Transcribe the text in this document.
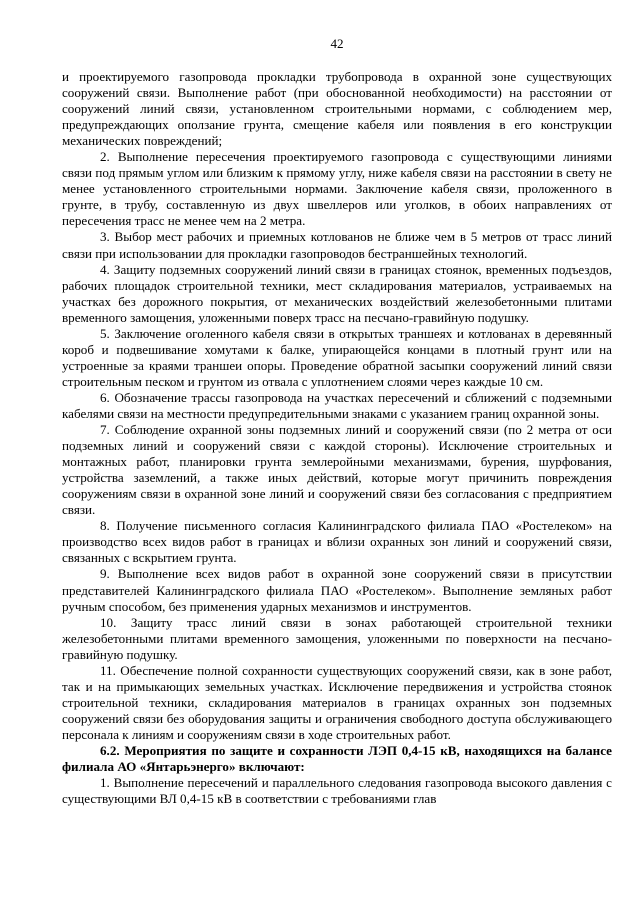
42

и проектируемого газопровода прокладки трубопровода в охранной зоне существующих сооружений связи. Выполнение работ (при обоснованной необходимости) на расстоянии от сооружений линий связи, установленном строительными нормами, с соблюдением мер, предупреждающих оползание грунта, смещение кабеля или появления в его конструкции механических повреждений;

2. Выполнение пересечения проектируемого газопровода с существующими линиями связи под прямым углом или близким к прямому углу, ниже кабеля связи на расстоянии в свету не менее установленного строительными нормами. Заключение кабеля связи, проложенного в грунте, в трубу, составленную из двух швеллеров или уголков, в обоих направлениях от пересечения трасс не менее чем на 2 метра.

3. Выбор мест рабочих и приемных котлованов не ближе чем в 5 метров от трасс линий связи при использовании для прокладки газопроводов бестраншейных технологий.

4. Защиту подземных сооружений линий связи в границах стоянок, временных подъездов, рабочих площадок строительной техники, мест складирования материалов, устраиваемых на участках без дорожного покрытия, от механических воздействий железобетонными плитами временного замощения, уложенными поверх трасс на песчано-гравийную подушку.

5. Заключение оголенного кабеля связи в открытых траншеях и котлованах в деревянный короб и подвешивание хомутами к балке, упирающейся концами в плотный грунт или на устроенные за краями траншеи опоры. Проведение обратной засыпки сооружений линий связи строительным песком и грунтом из отвала с уплотнением слоями через каждые 10 см.

6. Обозначение трассы газопровода на участках пересечений и сближений с подземными кабелями связи на местности предупредительными знаками с указанием границ охранной зоны.

7. Соблюдение охранной зоны подземных линий и сооружений связи (по 2 метра от оси подземных линий и сооружений связи с каждой стороны). Исключение строительных и монтажных работ, планировки грунта землеройными механизмами, бурения, шурфования, устройства заземлений, а также иных действий, которые могут причинить повреждения сооружениям связи в охранной зоне линий и сооружений связи без согласования с предприятием связи.

8. Получение письменного согласия Калининградского филиала ПАО «Ростелеком» на производство всех видов работ в границах и вблизи охранных зон линий и сооружений связи, связанных с вскрытием грунта.

9. Выполнение всех видов работ в охранной зоне сооружений связи в присутствии представителей Калининградского филиала ПАО «Ростелеком». Выполнение земляных работ ручным способом, без применения ударных механизмов и инструментов.

10. Защиту трасс линий связи в зонах работающей строительной техники железобетонными плитами временного замощения, уложенными по поверхности на песчано-гравийную подушку.

11. Обеспечение полной сохранности существующих сооружений связи, как в зоне работ, так и на примыкающих земельных участках. Исключение передвижения и устройства стоянок строительной техники, складирования материалов в границах охранных зон подземных сооружений связи без оборудования защиты и ограничения свободного доступа обслуживающего персонала к линиям и сооружениям связи в ходе строительных работ.

6.2. Мероприятия по защите и сохранности ЛЭП 0,4-15 кВ, находящихся на балансе филиала АО «Янтарьэнерго» включают:

1. Выполнение пересечений и параллельного следования газопровода высокого давления с существующими ВЛ 0,4-15 кВ в соответствии с требованиями глав
